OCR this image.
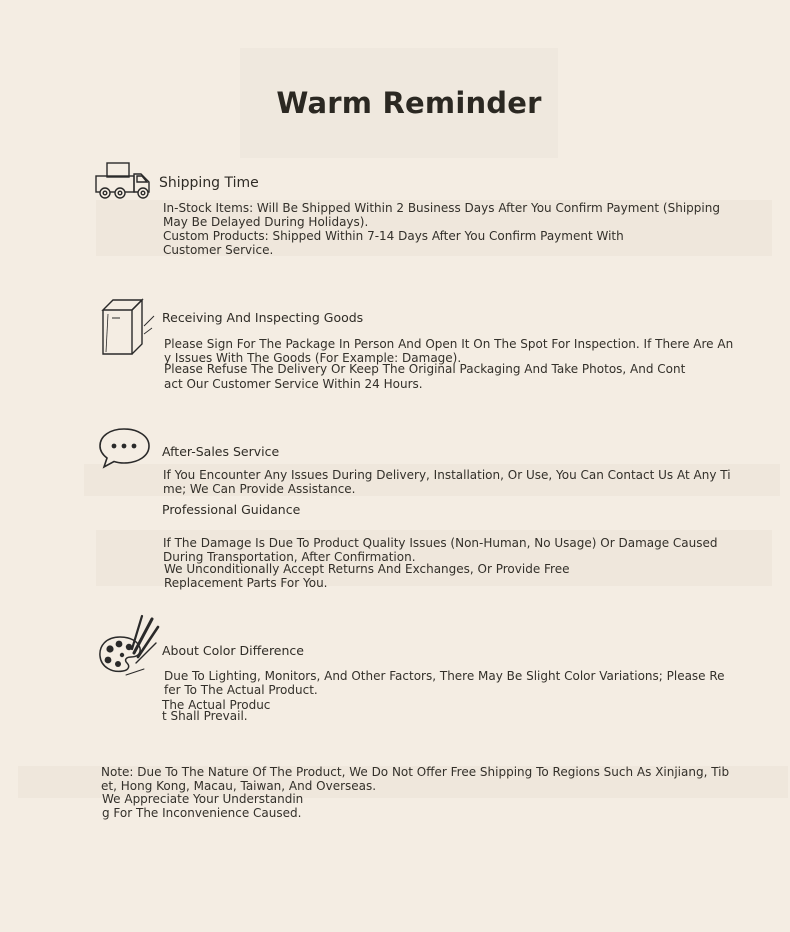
Warm Reminder
Shipping Time
In-Stock Items: Will Be Shipped Within 2 Business Days After You Confirm Payment (Shipping
May Be Delayed During Holidays).
Custom Products: Shipped Within 7-14 Days After You Confirm Payment With
Customer Service.
Receiving And Inspecting Goods
Please Sign For The Package In Person And Open It On The Spot For Inspection. If There Are An
y Issues With The Goods (For Example: Damage).
Please Refuse The Delivery Or Keep The Original Packaging And Take Photos, And Cont
act Our Customer Service Within 24 Hours.
After-Sales Service
If You Encounter Any Issues During Delivery, Installation, Or Use, You Can Contact Us At Any Ti
me; We Can Provide Assistance.
Professional Guidance
If The Damage Is Due To Product Quality Issues (Non-Human, No Usage) Or Damage Caused
During Transportation, After Confirmation.
We Unconditionally Accept Returns And Exchanges, Or Provide Free
Replacement Parts For You.
About Color Difference
Due To Lighting, Monitors, And Other Factors, There May Be Slight Color Variations; Please Re
fer To The Actual Product.
The Actual Produc
t Shall Prevail.
Note: Due To The Nature Of The Product, We Do Not Offer Free Shipping To Regions Such As Xinjiang, Tib
et, Hong Kong, Macau, Taiwan, And Overseas.
We Appreciate Your Understandin
g For The Inconvenience Caused.
